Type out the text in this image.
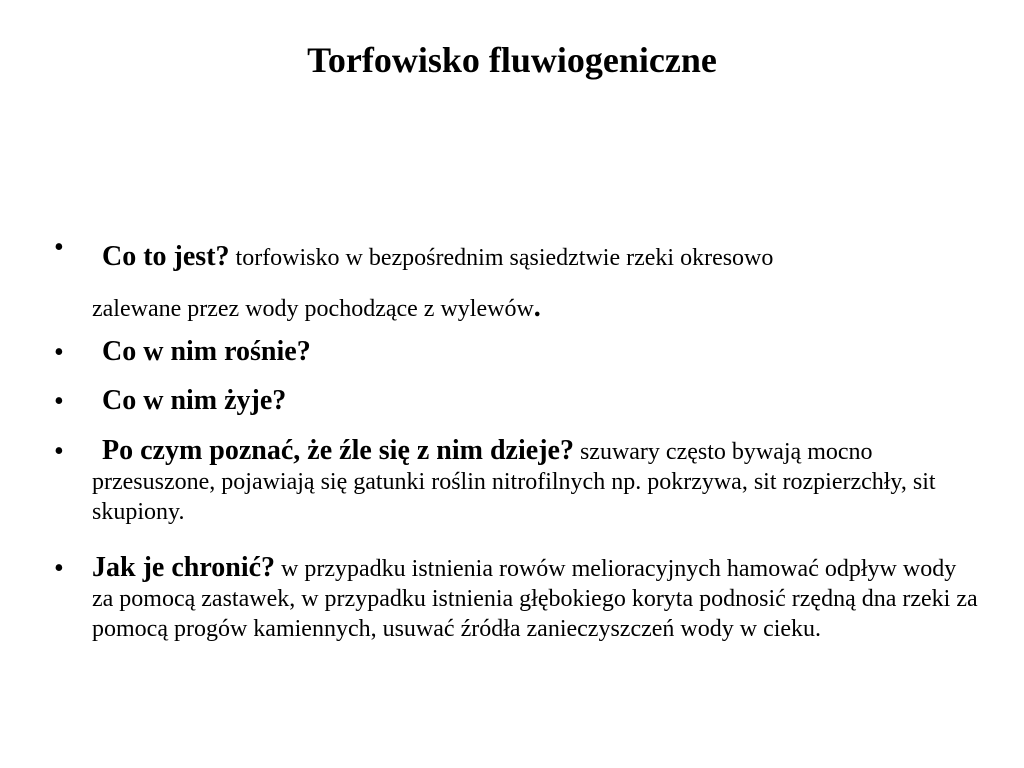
Torfowisko fluwiogeniczne
•	Co to jest? torfowisko w bezpośrednim sąsiedztwie rzeki okresowo
zalewane przez wody pochodzące z wylewów.
•	Co w nim rośnie?
•	Co w nim żyje?
•	Po czym poznać, że źle się z nim dzieje? szuwary często bywają mocno przesuszone, pojawiają się gatunki roślin nitrofilnych np. pokrzywa, sit rozpierzchły, sit skupiony.
•	Jak je chronić? w przypadku istnienia rowów melioracyjnych hamować odpływ wody za pomocą zastawek, w przypadku istnienia głębokiego koryta podnosić rzędną dna rzeki za pomocą progów kamiennych, usuwać źródła zanieczyszczeń wody w cieku.
